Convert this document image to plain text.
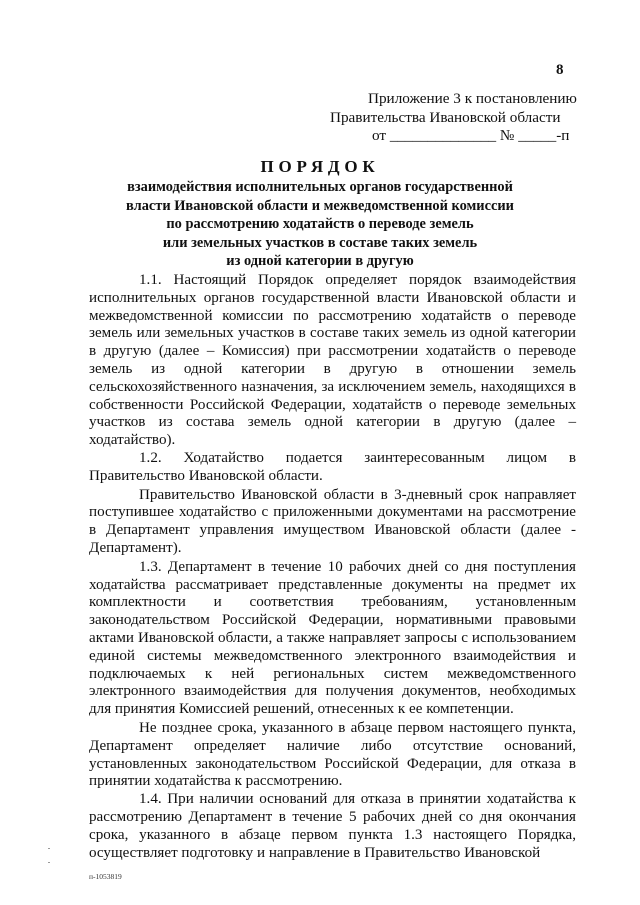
8
Приложение 3 к постановлению
Правительства Ивановской области
от ______________ № _____-п
ПОРЯДОК
взаимодействия исполнительных органов государственной
власти Ивановской области и межведомственной комиссии
по рассмотрению ходатайств о переводе земель
или земельных участков в составе таких земель
из одной категории в другую

1.1. Настоящий Порядок определяет порядок взаимодействия исполнительных органов государственной власти Ивановской области и межведомственной комиссии по рассмотрению ходатайств о переводе земель или земельных участков в составе таких земель из одной категории в другую (далее – Комиссия) при рассмотрении ходатайств о переводе земель из одной категории в другую в отношении земель сельскохозяйственного назначения, за исключением земель, находящихся в собственности Российской Федерации, ходатайств о переводе земельных участков из состава земель одной категории в другую (далее – ходатайство).

1.2. Ходатайство подается заинтересованным лицом в Правительство Ивановской области.

Правительство Ивановской области в 3-дневный срок направляет поступившее ходатайство с приложенными документами на рассмотрение в Департамент управления имуществом Ивановской области (далее - Департамент).

1.3. Департамент в течение 10 рабочих дней со дня поступления ходатайства рассматривает представленные документы на предмет их комплектности и соответствия требованиям, установленным законодательством Российской Федерации, нормативными правовыми актами Ивановской области, а также направляет запросы с использованием единой системы межведомственного электронного взаимодействия и подключаемых к ней региональных систем межведомственного электронного взаимодействия для получения документов, необходимых для принятия Комиссией решений, отнесенных к ее компетенции.

Не позднее срока, указанного в абзаце первом настоящего пункта, Департамент определяет наличие либо отсутствие оснований, установленных законодательством Российской Федерации, для отказа в принятии ходатайства к рассмотрению.

1.4. При наличии оснований для отказа в принятии ходатайства к рассмотрению Департамент в течение 5 рабочих дней со дня окончания срока, указанного в абзаце первом пункта 1.3 настоящего Порядка, осуществляет подготовку и направление в Правительство Ивановской

п-1053819
